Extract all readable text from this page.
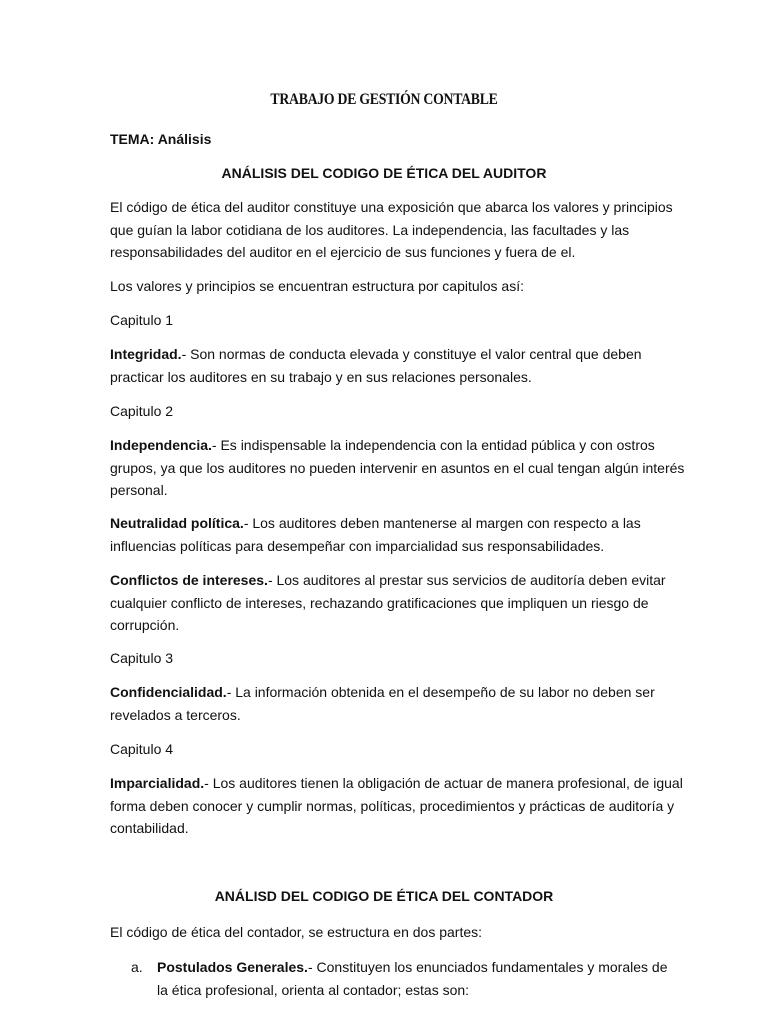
TRABAJO DE GESTIÓN CONTABLE

TEMA: Análisis

ANÁLISIS DEL CODIGO DE ÉTICA DEL AUDITOR

El código de ética del auditor constituye una exposición que abarca los valores y principios que guían la labor cotidiana de los auditores. La independencia, las facultades y las responsabilidades del auditor en el ejercicio de sus funciones y fuera de el.

Los valores y principios se encuentran estructura por capitulos así:

Capitulo 1

Integridad.- Son normas de conducta elevada y constituye el valor central que deben practicar los auditores en su trabajo y en sus relaciones personales.

Capitulo 2

Independencia.- Es indispensable la independencia con la entidad pública y con ostros grupos, ya que los auditores no pueden intervenir en asuntos en el cual tengan algún interés personal.

Neutralidad política.- Los auditores deben mantenerse al margen con respecto a las influencias políticas para desempeñar con imparcialidad sus responsabilidades.

Conflictos de intereses.- Los auditores al prestar sus servicios de auditoría deben evitar cualquier conflicto de intereses, rechazando gratificaciones que impliquen un riesgo de corrupción.

Capitulo 3

Confidencialidad.- La información obtenida en el desempeño de su labor no deben ser revelados a terceros.

Capitulo 4

Imparcialidad.- Los auditores tienen la obligación de actuar de manera profesional, de igual forma deben conocer y cumplir normas, políticas, procedimientos y prácticas de auditoría y contabilidad.

ANÁLISD DEL CODIGO DE ÉTICA DEL CONTADOR

El código de ética del contador, se estructura en dos partes:

a. Postulados Generales.- Constituyen los enunciados fundamentales y morales de la ética profesional, orienta al contador; estas son:
